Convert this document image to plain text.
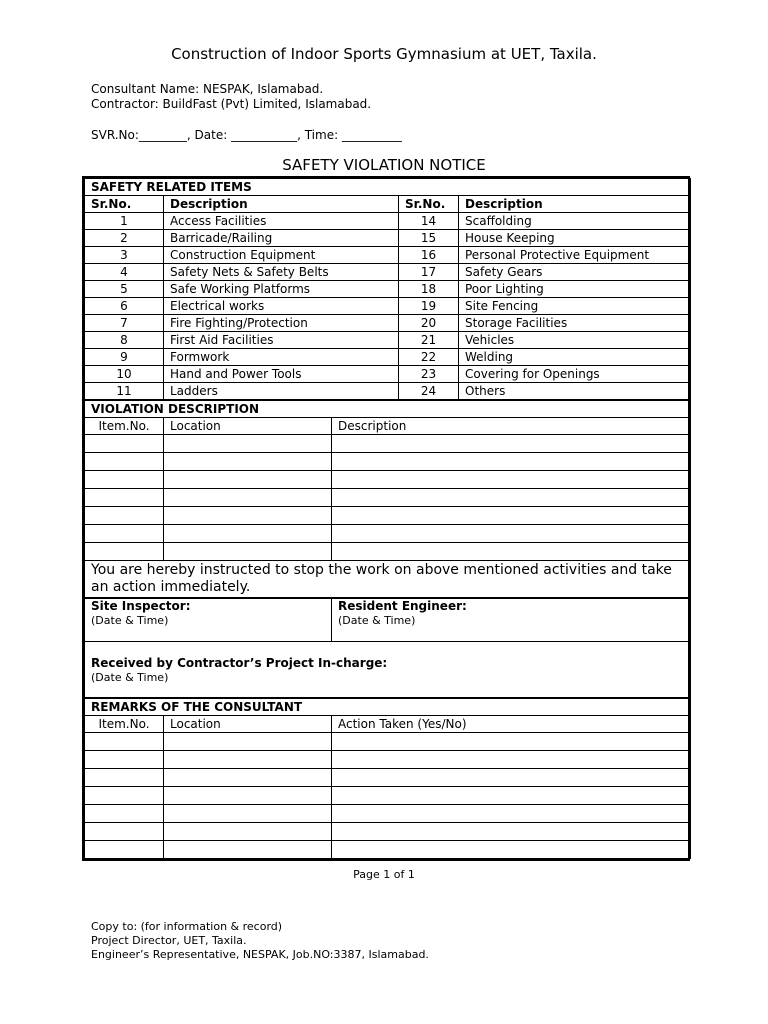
Construction of Indoor Sports Gymnasium at UET, Taxila.
Consultant Name: NESPAK, Islamabad.
Contractor: BuildFast (Pvt) Limited, Islamabad.
SVR.No:________, Date: ___________, Time: __________
SAFETY VIOLATION NOTICE
SAFETY RELATED ITEMS			
Sr.No.	Description	Sr.No.	Description
1	Access Facilities	14	Scaffolding
2	Barricade/Railing	15	House Keeping
3	Construction Equipment	16	Personal Protective Equipment
4	Safety Nets & Safety Belts	17	Safety Gears
5	Safe Working Platforms	18	Poor Lighting
6	Electrical works	19	Site Fencing
7	Fire Fighting/Protection	20	Storage Facilities
8	First Aid Facilities	21	Vehicles
9	Formwork	22	Welding
10	Hand and Power Tools	23	Covering for Openings
11	Ladders	24	Others
VIOLATION DESCRIPTION		
Item.No.	Location	Description

You are hereby instructed to stop the work on above mentioned activities and take an action immediately.		
Site Inspector:
(Date & Time)
	Resident Engineer:
(Date & Time)

Received by Contractor’s Project In-charge:
(Date & Time)
REMARKS OF THE CONSULTANT		
Item.No.	Location	Action Taken (Yes/No)

Page 1 of 1
Copy to: (for information & record)
Project Director, UET, Taxila.
Engineer’s Representative, NESPAK, Job.NO:3387, Islamabad.
